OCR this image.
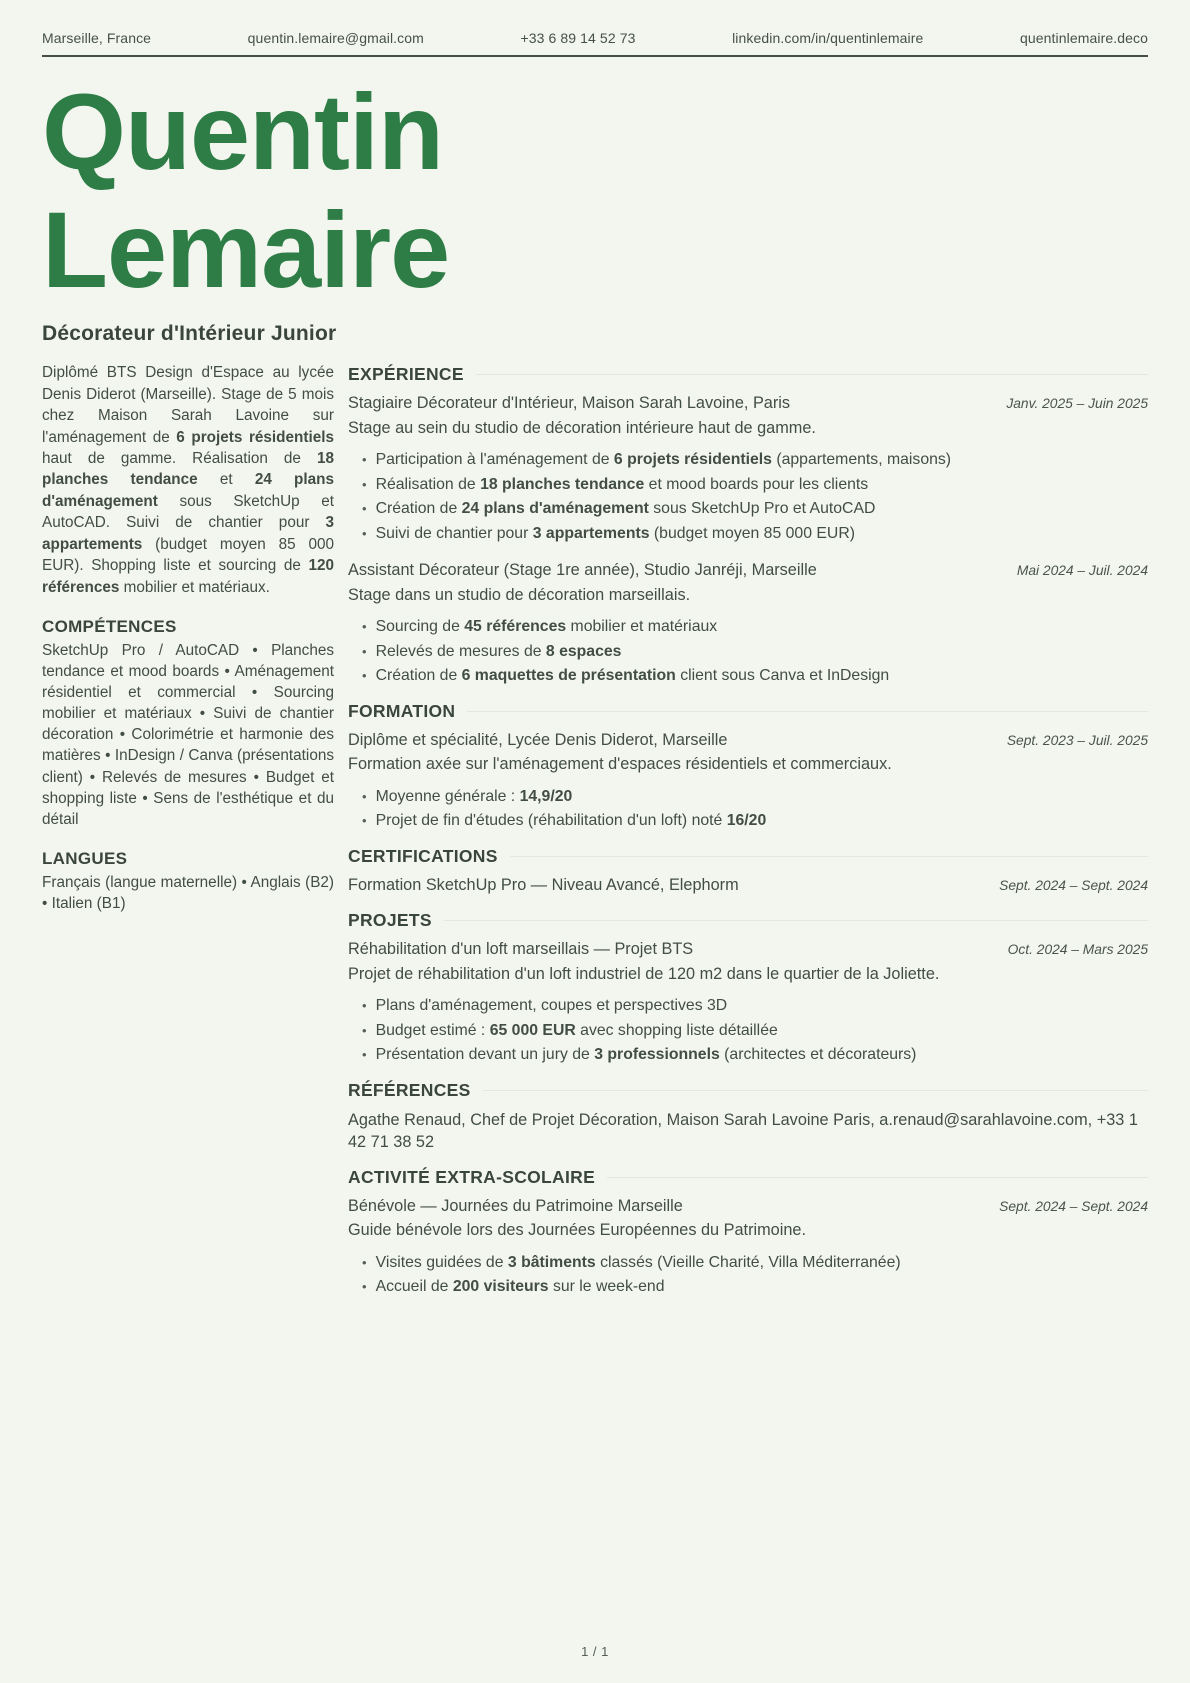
Marseille, France	quentin.lemaire@gmail.com	+33 6 89 14 52 73	linkedin.com/in/quentinlemaire	quentinlemaire.deco
Quentin
Lemaire
Décorateur d'Intérieur Junior

Diplômé BTS Design d'Espace au lycée Denis Diderot (Marseille). Stage de 5 mois chez Maison Sarah Lavoine sur l'aménagement de 6 projets résidentiels haut de gamme. Réalisation de 18 planches tendance et 24 plans d'aménagement sous SketchUp et AutoCAD. Suivi de chantier pour 3 appartements (budget moyen 85 000 EUR). Shopping liste et sourcing de 120 références mobilier et matériaux.

COMPÉTENCES

SketchUp Pro / AutoCAD • Planches tendance et mood boards • Aménagement résidentiel et commercial • Sourcing mobilier et matériaux • Suivi de chantier décoration • Colorimétrie et harmonie des matières • InDesign / Canva (présentations client) • Relevés de mesures • Budget et shopping liste • Sens de l'esthétique et du détail

LANGUES

Français (langue maternelle) • Anglais (B2) • Italien (B1)

EXPÉRIENCE
Stagiaire Décorateur d'Intérieur, Maison Sarah Lavoine, Paris	Janv. 2025 – Juin 2025
Stage au sein du studio de décoration intérieure haut de gamme.
• Participation à l'aménagement de 6 projets résidentiels (appartements, maisons)
• Réalisation de 18 planches tendance et mood boards pour les clients
• Création de 24 plans d'aménagement sous SketchUp Pro et AutoCAD
• Suivi de chantier pour 3 appartements (budget moyen 85 000 EUR)
Assistant Décorateur (Stage 1re année), Studio Janréji, Marseille	Mai 2024 – Juil. 2024
Stage dans un studio de décoration marseillais.
• Sourcing de 45 références mobilier et matériaux
• Relevés de mesures de 8 espaces
• Création de 6 maquettes de présentation client sous Canva et InDesign
FORMATION
Diplôme et spécialité, Lycée Denis Diderot, Marseille	Sept. 2023 – Juil. 2025
Formation axée sur l'aménagement d'espaces résidentiels et commerciaux.
• Moyenne générale : 14,9/20
• Projet de fin d'études (réhabilitation d'un loft) noté 16/20
CERTIFICATIONS
Formation SketchUp Pro — Niveau Avancé, Elephorm	Sept. 2024 – Sept. 2024
PROJETS
Réhabilitation d'un loft marseillais — Projet BTS	Oct. 2024 – Mars 2025
Projet de réhabilitation d'un loft industriel de 120 m2 dans le quartier de la Joliette.
• Plans d'aménagement, coupes et perspectives 3D
• Budget estimé : 65 000 EUR avec shopping liste détaillée
• Présentation devant un jury de 3 professionnels (architectes et décorateurs)
RÉFÉRENCES
Agathe Renaud, Chef de Projet Décoration, Maison Sarah Lavoine Paris, a.renaud@sarahlavoine.com, +33 1 42 71 38 52
ACTIVITÉ EXTRA-SCOLAIRE
Bénévole — Journées du Patrimoine Marseille	Sept. 2024 – Sept. 2024
Guide bénévole lors des Journées Européennes du Patrimoine.
• Visites guidées de 3 bâtiments classés (Vieille Charité, Villa Méditerranée)
• Accueil de 200 visiteurs sur le week-end
1 / 1
